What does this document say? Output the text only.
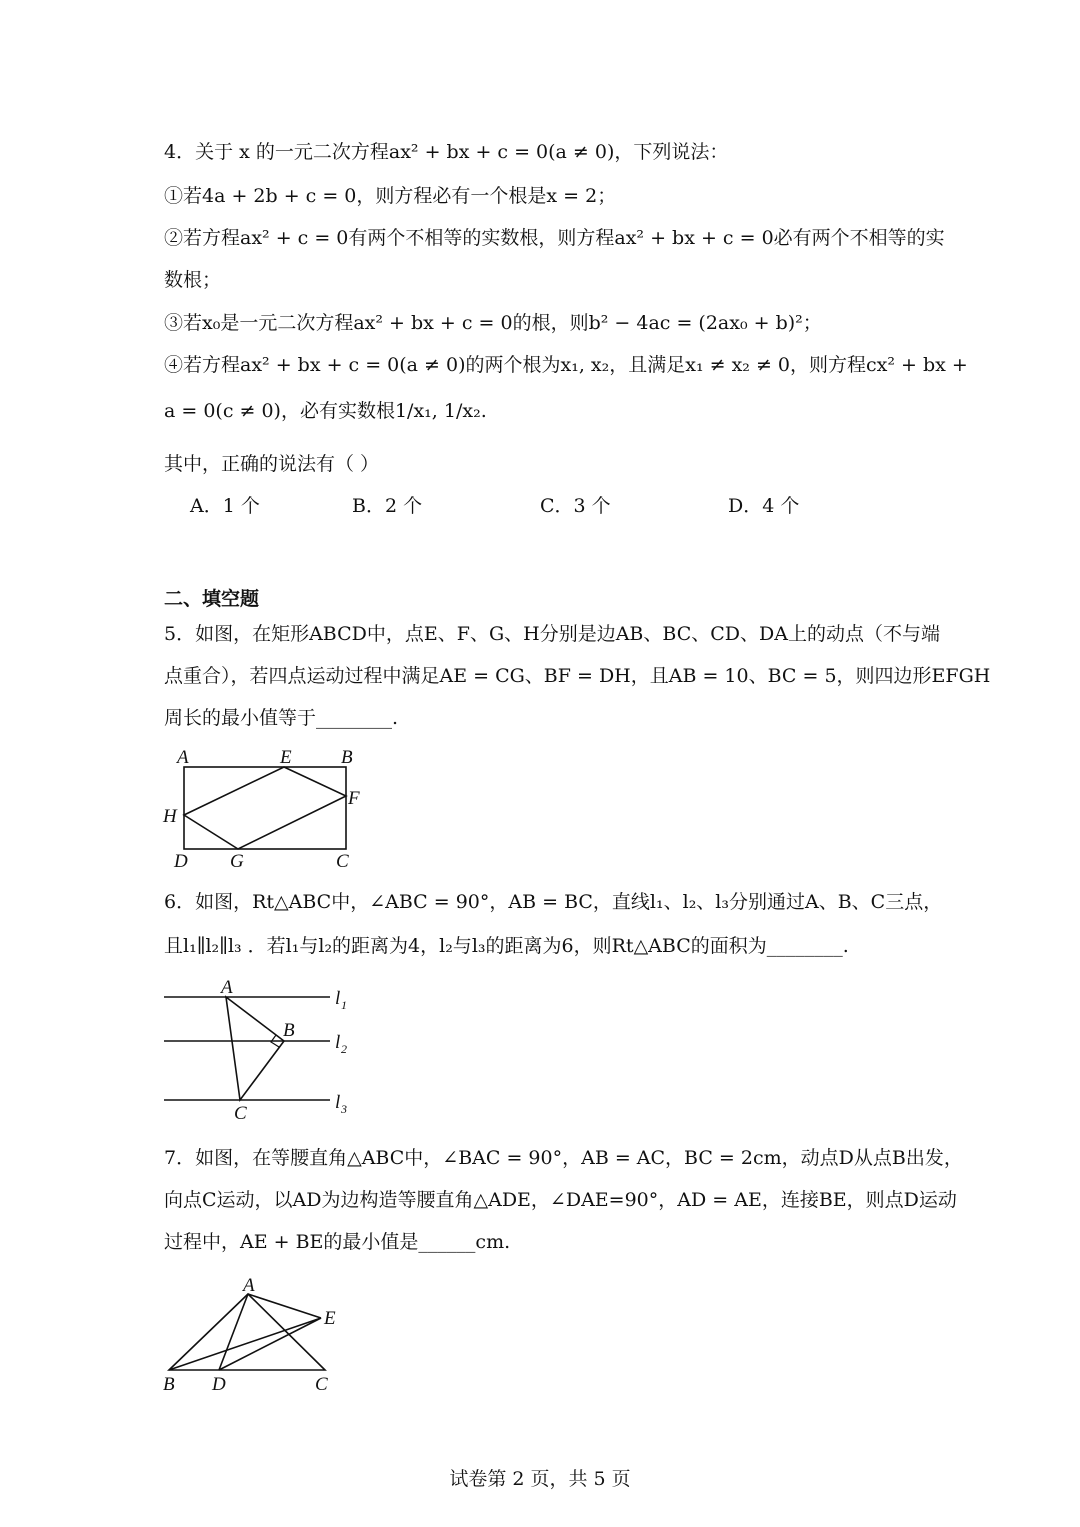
4．关于 x 的一元二次方程ax² + bx + c = 0(a ≠ 0)，下列说法：
①若4a + 2b + c = 0，则方程必有一个根是x = 2；
②若方程ax² + c = 0有两个不相等的实数根，则方程ax² + bx + c = 0必有两个不相等的实
数根；
③若x₀是一元二次方程ax² + bx + c = 0的根，则b² − 4ac = (2ax₀ + b)²；
④若方程ax² + bx + c = 0(a ≠ 0)的两个根为x₁, x₂，且满足x₁ ≠ x₂ ≠ 0，则方程cx² + bx +
a = 0(c ≠ 0)，必有实数根1/x₁, 1/x₂.
其中，正确的说法有（ ）
A．1 个	B．2 个	C．3 个	D．4 个
二、填空题
5．如图，在矩形ABCD中，点E、F、G、H分别是边AB、BC、CD、DA上的动点（不与端
点重合），若四点运动过程中满足AE = CG、BF = DH，且AB = 10、BC = 5，则四边形EFGH
周长的最小值等于________.
A	E	B
H
F
D G	C
6．如图，Rt△ABC中，∠ABC = 90°，AB = BC，直线l₁、l₂、l₃分别通过A、B、C三点，
且l₁∥l₂∥l₃ ．若l₁与l₂的距离为4，l₂与l₃的距离为6，则Rt△ABC的面积为________.
A
B
C
l 1
l 2
l 3
7．如图，在等腰直角△ABC中，∠BAC = 90°，AB = AC，BC = 2cm，动点D从点B出发，
向点C运动，以AD为边构造等腰直角△ADE，∠DAE=90°，AD = AE，连接BE，则点D运动
过程中，AE + BE的最小值是______cm.
A
E
B D	C
试卷第 2 页，共 5 页
